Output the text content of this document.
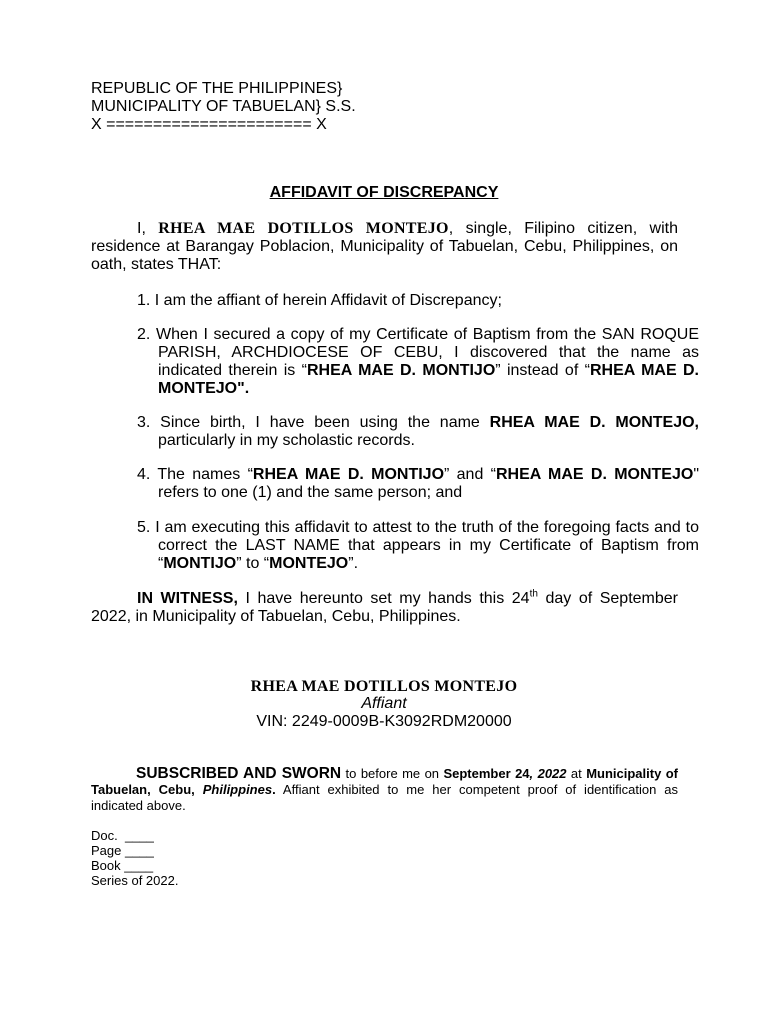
REPUBLIC OF THE PHILIPPINES}
MUNICIPALITY OF TABUELAN} S.S.
X ====================== X
AFFIDAVIT OF DISCREPANCY
I, RHEA MAE DOTILLOS MONTEJO, single, Filipino citizen, with residence at Barangay Poblacion, Municipality of Tabuelan, Cebu, Philippines, on oath, states THAT:
1. I am the affiant of herein Affidavit of Discrepancy;
2. When I secured a copy of my Certificate of Baptism from the SAN ROQUE PARISH, ARCHDIOCESE OF CEBU, I discovered that the name as indicated therein is “RHEA MAE D. MONTIJO” instead of “RHEA MAE D. MONTEJO".
3. Since birth, I have been using the name RHEA MAE D. MONTEJO, particularly in my scholastic records.
4. The names “RHEA MAE D. MONTIJO” and “RHEA MAE D. MONTEJO" refers to one (1) and the same person; and
5. I am executing this affidavit to attest to the truth of the foregoing facts and to correct the LAST NAME that appears in my Certificate of Baptism from “MONTIJO” to “MONTEJO”.
IN WITNESS, I have hereunto set my hands this 24th day of September 2022, in Municipality of Tabuelan, Cebu, Philippines.
RHEA MAE DOTILLOS MONTEJO
Affiant
VIN: 2249-0009B-K3092RDM20000
SUBSCRIBED AND SWORN to before me on September 24, 2022 at Municipality of Tabuelan, Cebu, Philippines. Affiant exhibited to me her competent proof of identification as indicated above.
Doc.  ____
Page ____
Book ____
Series of 2022.
